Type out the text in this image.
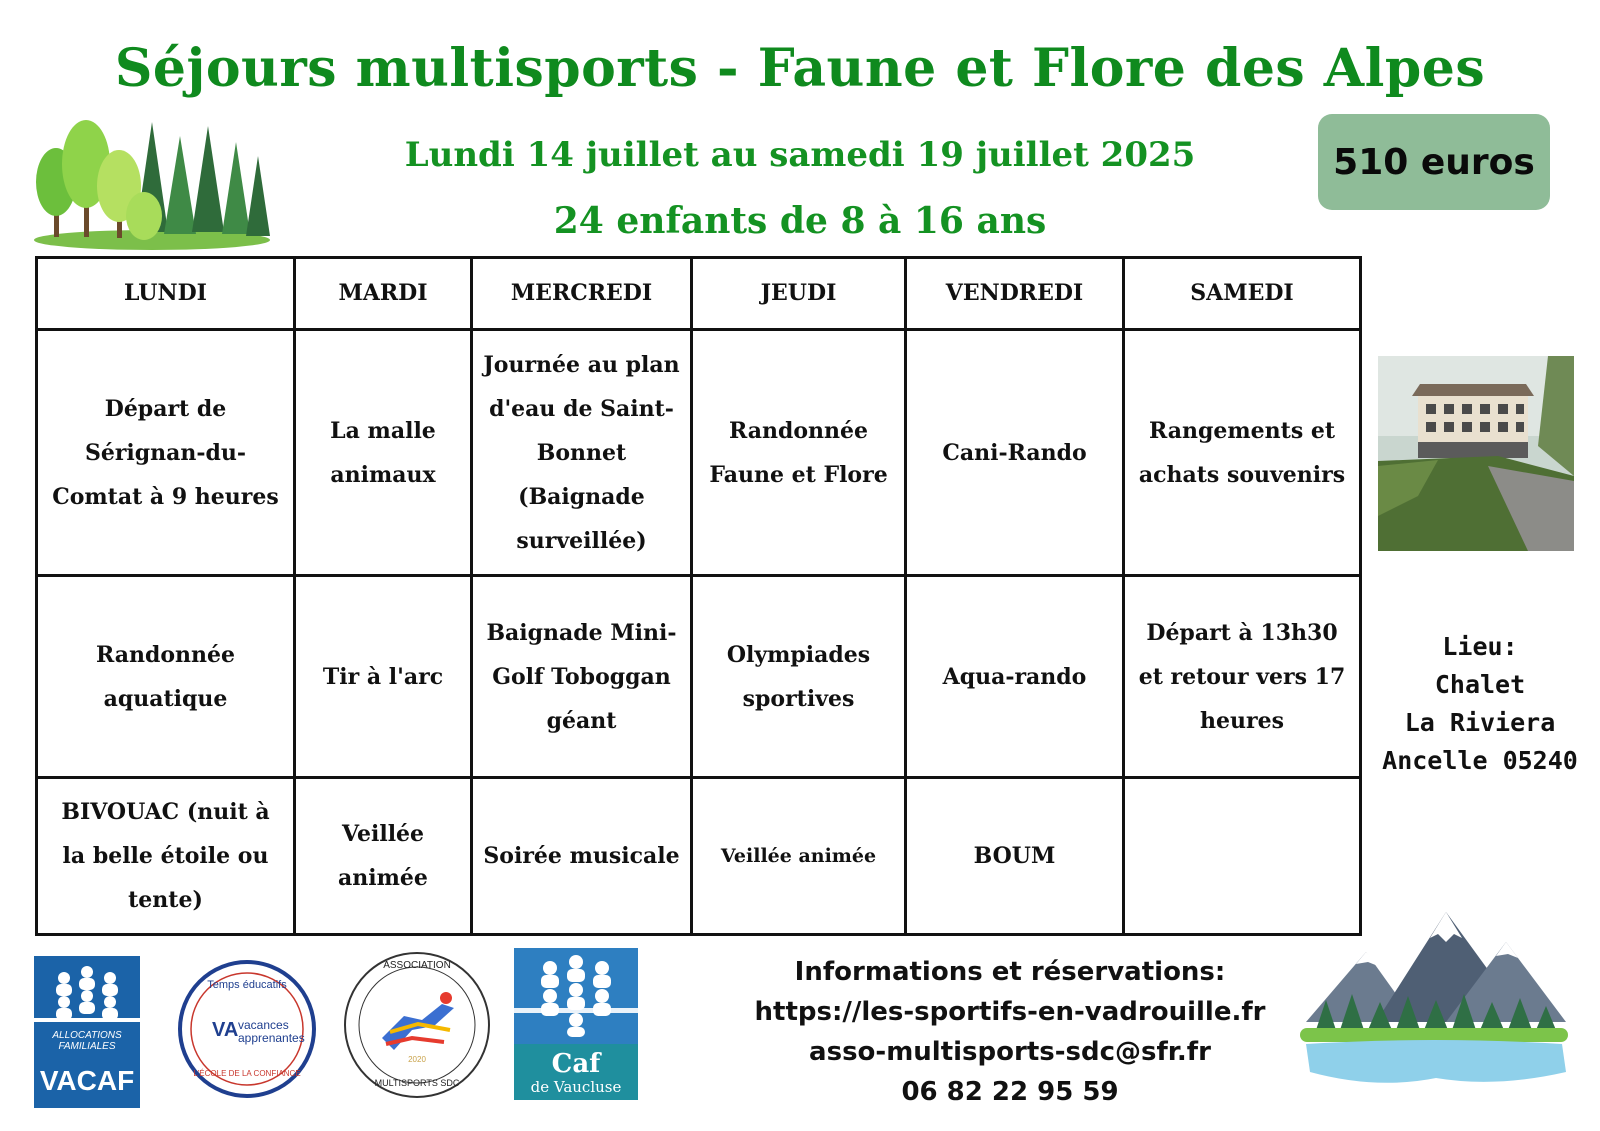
Séjours multisports - Faune et Flore des Alpes
Lundi 14 juillet au samedi 19 juillet 2025
24 enfants de 8 à 16 ans
510 euros
LUNDI	MARDI	MERCREDI	JEUDI	VENDREDI	SAMEDI
Départ de Sérignan-du-Comtat à 9 heures	La malle animaux	Journée au plan d'eau de Saint-Bonnet (Baignade surveillée)	Randonnée Faune et Flore	Cani-Rando	Rangements et achats souvenirs
Randonnée aquatique	Tir à l'arc	Baignade Mini-Golf Toboggan géant	Olympiades sportives	Aqua-rando	Départ à 13h30 et retour vers 17 heures
BIVOUAC (nuit à la belle étoile ou tente)	Veillée animée	Soirée musicale	Veillée animée	BOUM	
Lieu:
Chalet
La Riviera
Ancelle 05240
ALLOCATIONS
FAMILIALES
VACAF
Temps éducatifs
VA vacances
apprenantes
L'ÉCOLE DE LA CONFIANCE
ASSOCIATION
2020
MULTISPORTS SDC
Caf
de Vaucluse
Informations et réservations:
https://les-sportifs-en-vadrouille.fr
asso-multisports-sdc@sfr.fr
06 82 22 95 59
